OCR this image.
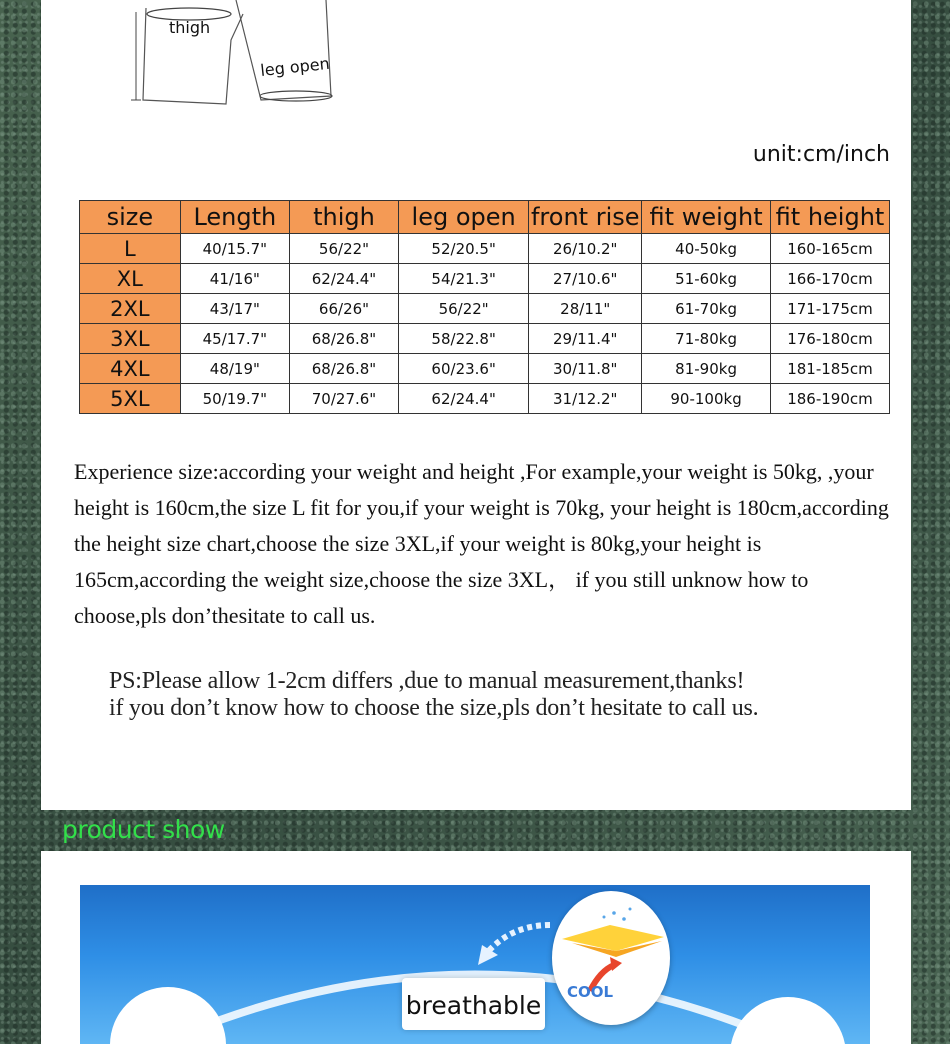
thigh
leg open
unit:cm/inch
size	Length	thigh	leg open	front rise	fit weight	fit height
L	40/15.7"	56/22"	52/20.5"	26/10.2"	40-50kg	160-165cm
XL	41/16"	62/24.4"	54/21.3"	27/10.6"	51-60kg	166-170cm
2XL	43/17"	66/26"	56/22"	28/11"	61-70kg	171-175cm
3XL	45/17.7"	68/26.8"	58/22.8"	29/11.4"	71-80kg	176-180cm
4XL	48/19"	68/26.8"	60/23.6"	30/11.8"	81-90kg	181-185cm
5XL	50/19.7"	70/27.6"	62/24.4"	31/12.2"	90-100kg	186-190cm
Experience size:according your weight and height ,For example,your weight is 50kg, ,your height is 160cm,the size L fit for you,if your weight is 70kg, your height is 180cm,according the height size chart,choose the size 3XL,if your weight is 80kg,your height is 165cm,according the weight size,choose the size 3XL， if you still unknow how to choose,pls don’thesitate to call us.
PS:Please allow 1-2cm differs ,due to manual measurement,thanks!
if you don’t know how to choose the size,pls don’t hesitate to call us.
product show
COOL
breathable
